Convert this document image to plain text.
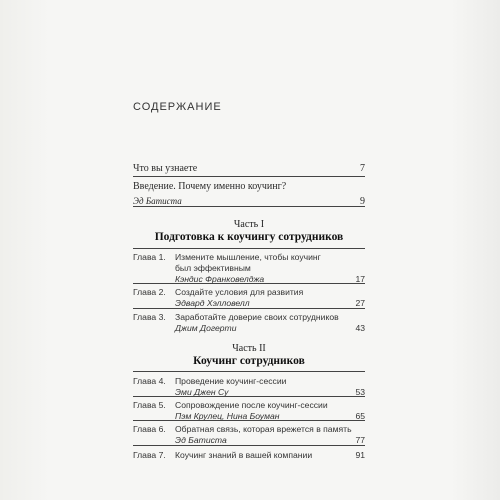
СОДЕРЖАНИЕ
Что вы узнаете	7
Введение. Почему именно коучинг?
Эд Батиста	9
Часть I
Подготовка к коучингу сотрудников
Глава 1.	Измените мышление, чтобы коучинг был эффективным
Кэндис Франковелджа	17
Глава 2.	Создайте условия для развития
Эдвард Хэлловелл	27
Глава 3.	Заработайте доверие своих сотрудников
Джим Догерти	43
Часть II
Коучинг сотрудников
Глава 4.	Проведение коучинг-сессии
Эми Джен Су	53
Глава 5.	Сопровождение после коучинг-сессии
Пэм Крулец, Нина Боуман	65
Глава 6.	Обратная связь, которая врежется в память
Эд Батиста	77
Глава 7.	Коучинг знаний в вашей компании	91
